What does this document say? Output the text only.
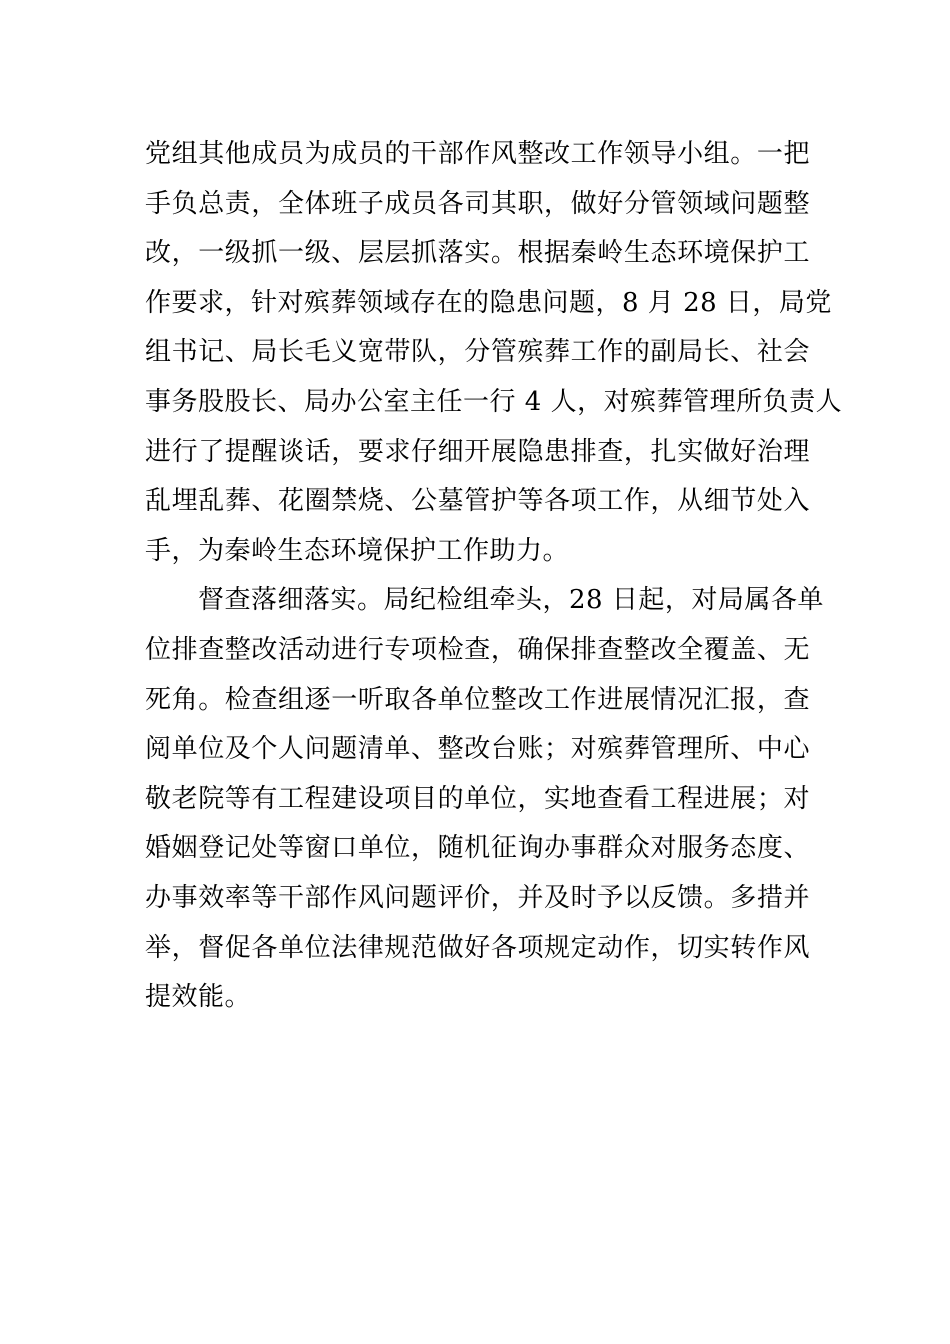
党组其他成员为成员的干部作风整改工作领导小组。一把
手负总责，全体班子成员各司其职，做好分管领域问题整
改，一级抓一级、层层抓落实。根据秦岭生态环境保护工
作要求，针对殡葬领域存在的隐患问题，8 月 28 日，局党
组书记、局长毛义宽带队，分管殡葬工作的副局长、社会
事务股股长、局办公室主任一行 4 人，对殡葬管理所负责人
进行了提醒谈话，要求仔细开展隐患排查，扎实做好治理
乱埋乱葬、花圈禁烧、公墓管护等各项工作，从细节处入
手，为秦岭生态环境保护工作助力。
　　督查落细落实。局纪检组牵头，28 日起，对局属各单
位排查整改活动进行专项检查，确保排查整改全覆盖、无
死角。检查组逐一听取各单位整改工作进展情况汇报，查
阅单位及个人问题清单、整改台账；对殡葬管理所、中心
敬老院等有工程建设项目的单位，实地查看工程进展；对
婚姻登记处等窗口单位，随机征询办事群众对服务态度、
办事效率等干部作风问题评价，并及时予以反馈。多措并
举，督促各单位法律规范做好各项规定动作，切实转作风
提效能。
